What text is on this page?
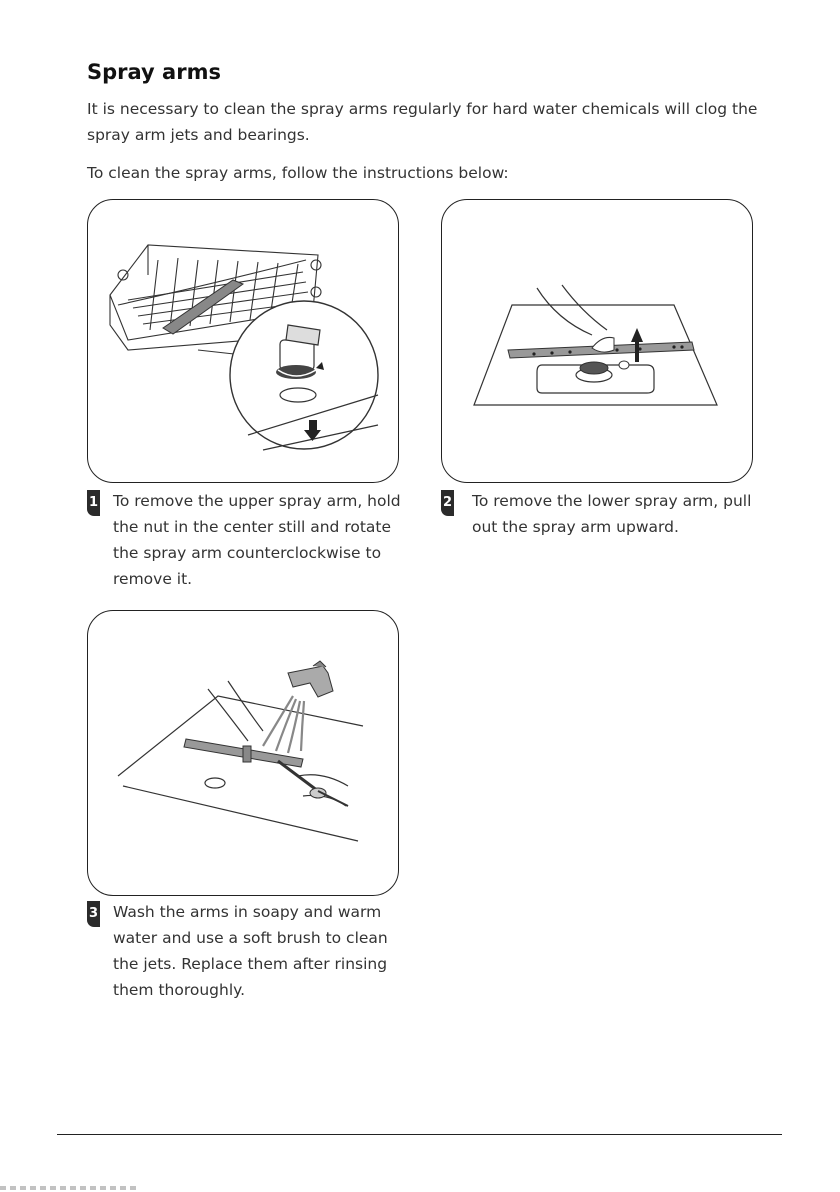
Spray arms

It is necessary to clean the spray arms regularly for hard water chemicals will clog the spray arm jets and bearings.

To clean the spray arms, follow the instructions below:

1 To remove the upper spray arm, hold the nut in the center still and rotate the spray arm counterclockwise to remove it.

2 To remove the lower spray arm, pull out the spray arm upward.

3 Wash the arms in soapy and warm water and use a soft brush to clean the jets. Replace them after rinsing them thoroughly.
